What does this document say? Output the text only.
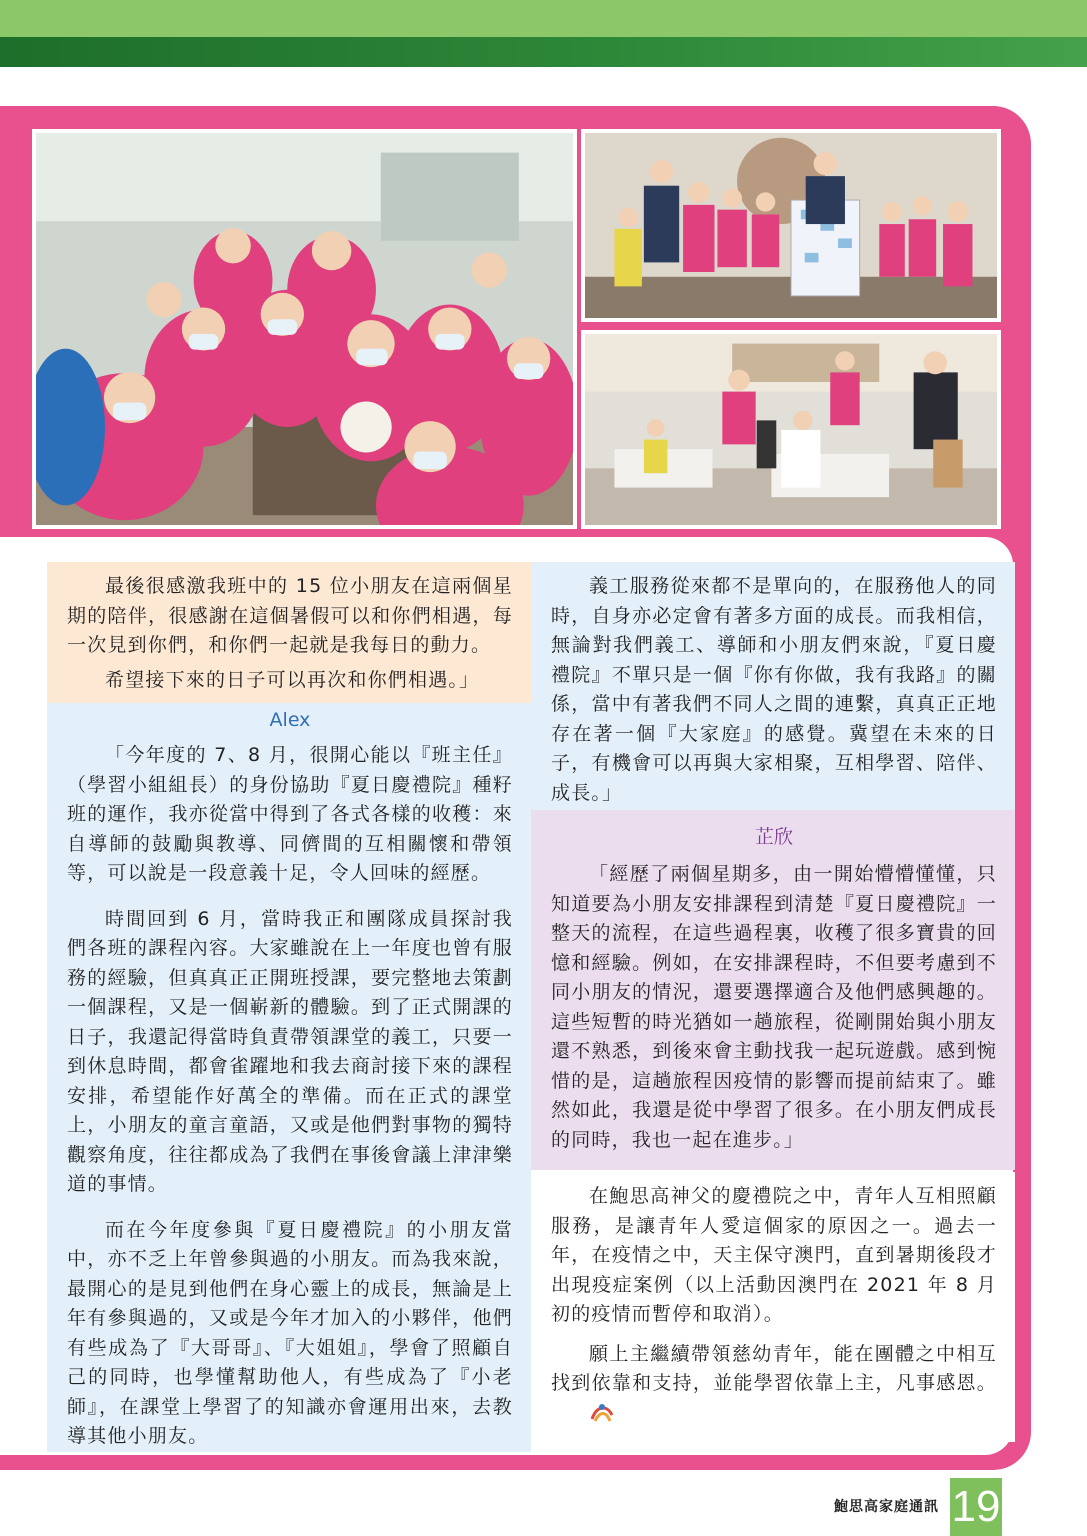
最後很感激我班中的 15 位小朋友在這兩個星期的陪伴，很感謝在這個暑假可以和你們相遇，每一次見到你們，和你們一起就是我每日的動力。

希望接下來的日子可以再次和你們相遇。」

Alex

「今年度的 7、8 月，很開心能以『班主任』（學習小組組長）的身份協助『夏日慶禮院』種籽班的運作，我亦從當中得到了各式各樣的收穫：來自導師的鼓勵與教導、同儕間的互相關懷和帶領等，可以說是一段意義十足，令人回味的經歷。

時間回到 6 月，當時我正和團隊成員探討我們各班的課程內容。大家雖說在上一年度也曾有服務的經驗，但真真正正開班授課，要完整地去策劃一個課程，又是一個嶄新的體驗。到了正式開課的日子，我還記得當時負責帶領課堂的義工，只要一到休息時間，都會雀躍地和我去商討接下來的課程安排，希望能作好萬全的準備。而在正式的課堂上，小朋友的童言童語，又或是他們對事物的獨特觀察角度，往往都成為了我們在事後會議上津津樂道的事情。

而在今年度參與『夏日慶禮院』的小朋友當中，亦不乏上年曾參與過的小朋友。而為我來說，最開心的是見到他們在身心靈上的成長，無論是上年有參與過的，又或是今年才加入的小夥伴，他們有些成為了『大哥哥』、『大姐姐』，學會了照顧自己的同時，也學懂幫助他人，有些成為了『小老師』，在課堂上學習了的知識亦會運用出來，去教導其他小朋友。

義工服務從來都不是單向的，在服務他人的同時，自身亦必定會有著多方面的成長。而我相信，無論對我們義工、導師和小朋友們來說，『夏日慶禮院』不單只是一個『你有你做，我有我路』的關係，當中有著我們不同人之間的連繫，真真正正地存在著一個『大家庭』的感覺。冀望在未來的日子，有機會可以再與大家相聚，互相學習、陪伴、成長。」

芷欣

「經歷了兩個星期多，由一開始懵懵懂懂，只知道要為小朋友安排課程到清楚『夏日慶禮院』一整天的流程，在這些過程裏，收穫了很多寶貴的回憶和經驗。例如，在安排課程時，不但要考慮到不同小朋友的情況，還要選擇適合及他們感興趣的。這些短暫的時光猶如一趟旅程，從剛開始與小朋友還不熟悉，到後來會主動找我一起玩遊戲。感到惋惜的是，這趟旅程因疫情的影響而提前結束了。雖然如此，我還是從中學習了很多。在小朋友們成長的同時，我也一起在進步。」

在鮑思高神父的慶禮院之中，青年人互相照顧服務，是讓青年人愛這個家的原因之一。過去一年，在疫情之中，天主保守澳門，直到暑期後段才出現疫症案例（以上活動因澳門在 2021 年 8 月初的疫情而暫停和取消）。

願上主繼續帶領慈幼青年，能在團體之中相互找到依靠和支持，並能學習依靠上主，凡事感恩。

鮑思高家庭通訊 19
